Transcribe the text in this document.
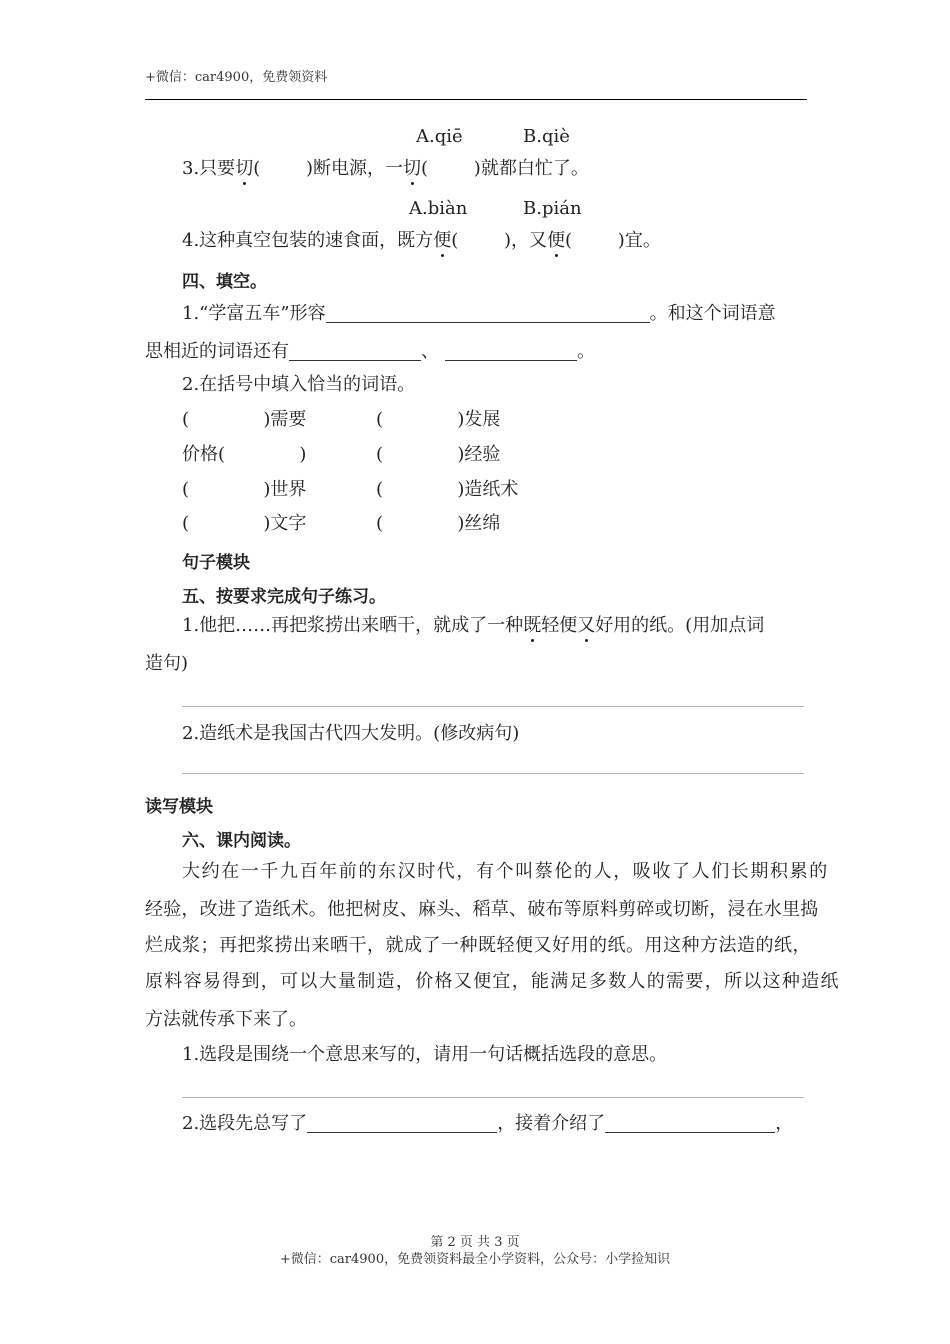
+微信：car4900，免费领资料
A.qiē	B.qiè
3.只要切(        )断电源，一切(        )就都白忙了。
A.biàn	B.pián
4.这种真空包装的速食面，既方便(        )，又便(        )宜。
四、填空。
1.“学富五车”形容	。和这个词语意
思相近的词语还有	、	。
2.在括号中填入恰当的词语。
(             )需要	(             )发展
价格(             )	(             )经验
(             )世界	(             )造纸术
(             )文字	(             )丝绵
句子模块
五、按要求完成句子练习。
1.他把……再把浆捞出来晒干，就成了一种既轻便又好用的纸。(用加点词
造句)
2.造纸术是我国古代四大发明。(修改病句)
读写模块
六、课内阅读。
大约在一千九百年前的东汉时代，有个叫蔡伦的人，吸收了人们长期积累的
经验，改进了造纸术。他把树皮、麻头、稻草、破布等原料剪碎或切断，浸在水里捣
烂成浆；再把浆捞出来晒干，就成了一种既轻便又好用的纸。用这种方法造的纸，
原料容易得到，可以大量制造，价格又便宜，能满足多数人的需要，所以这种造纸
方法就传承下来了。
1.选段是围绕一个意思来写的，请用一句话概括选段的意思。
2.选段先总写了	，接着介绍了	，
第 2 页 共 3 页
+微信：car4900，免费领资料最全小学资料，公众号：小学捡知识
